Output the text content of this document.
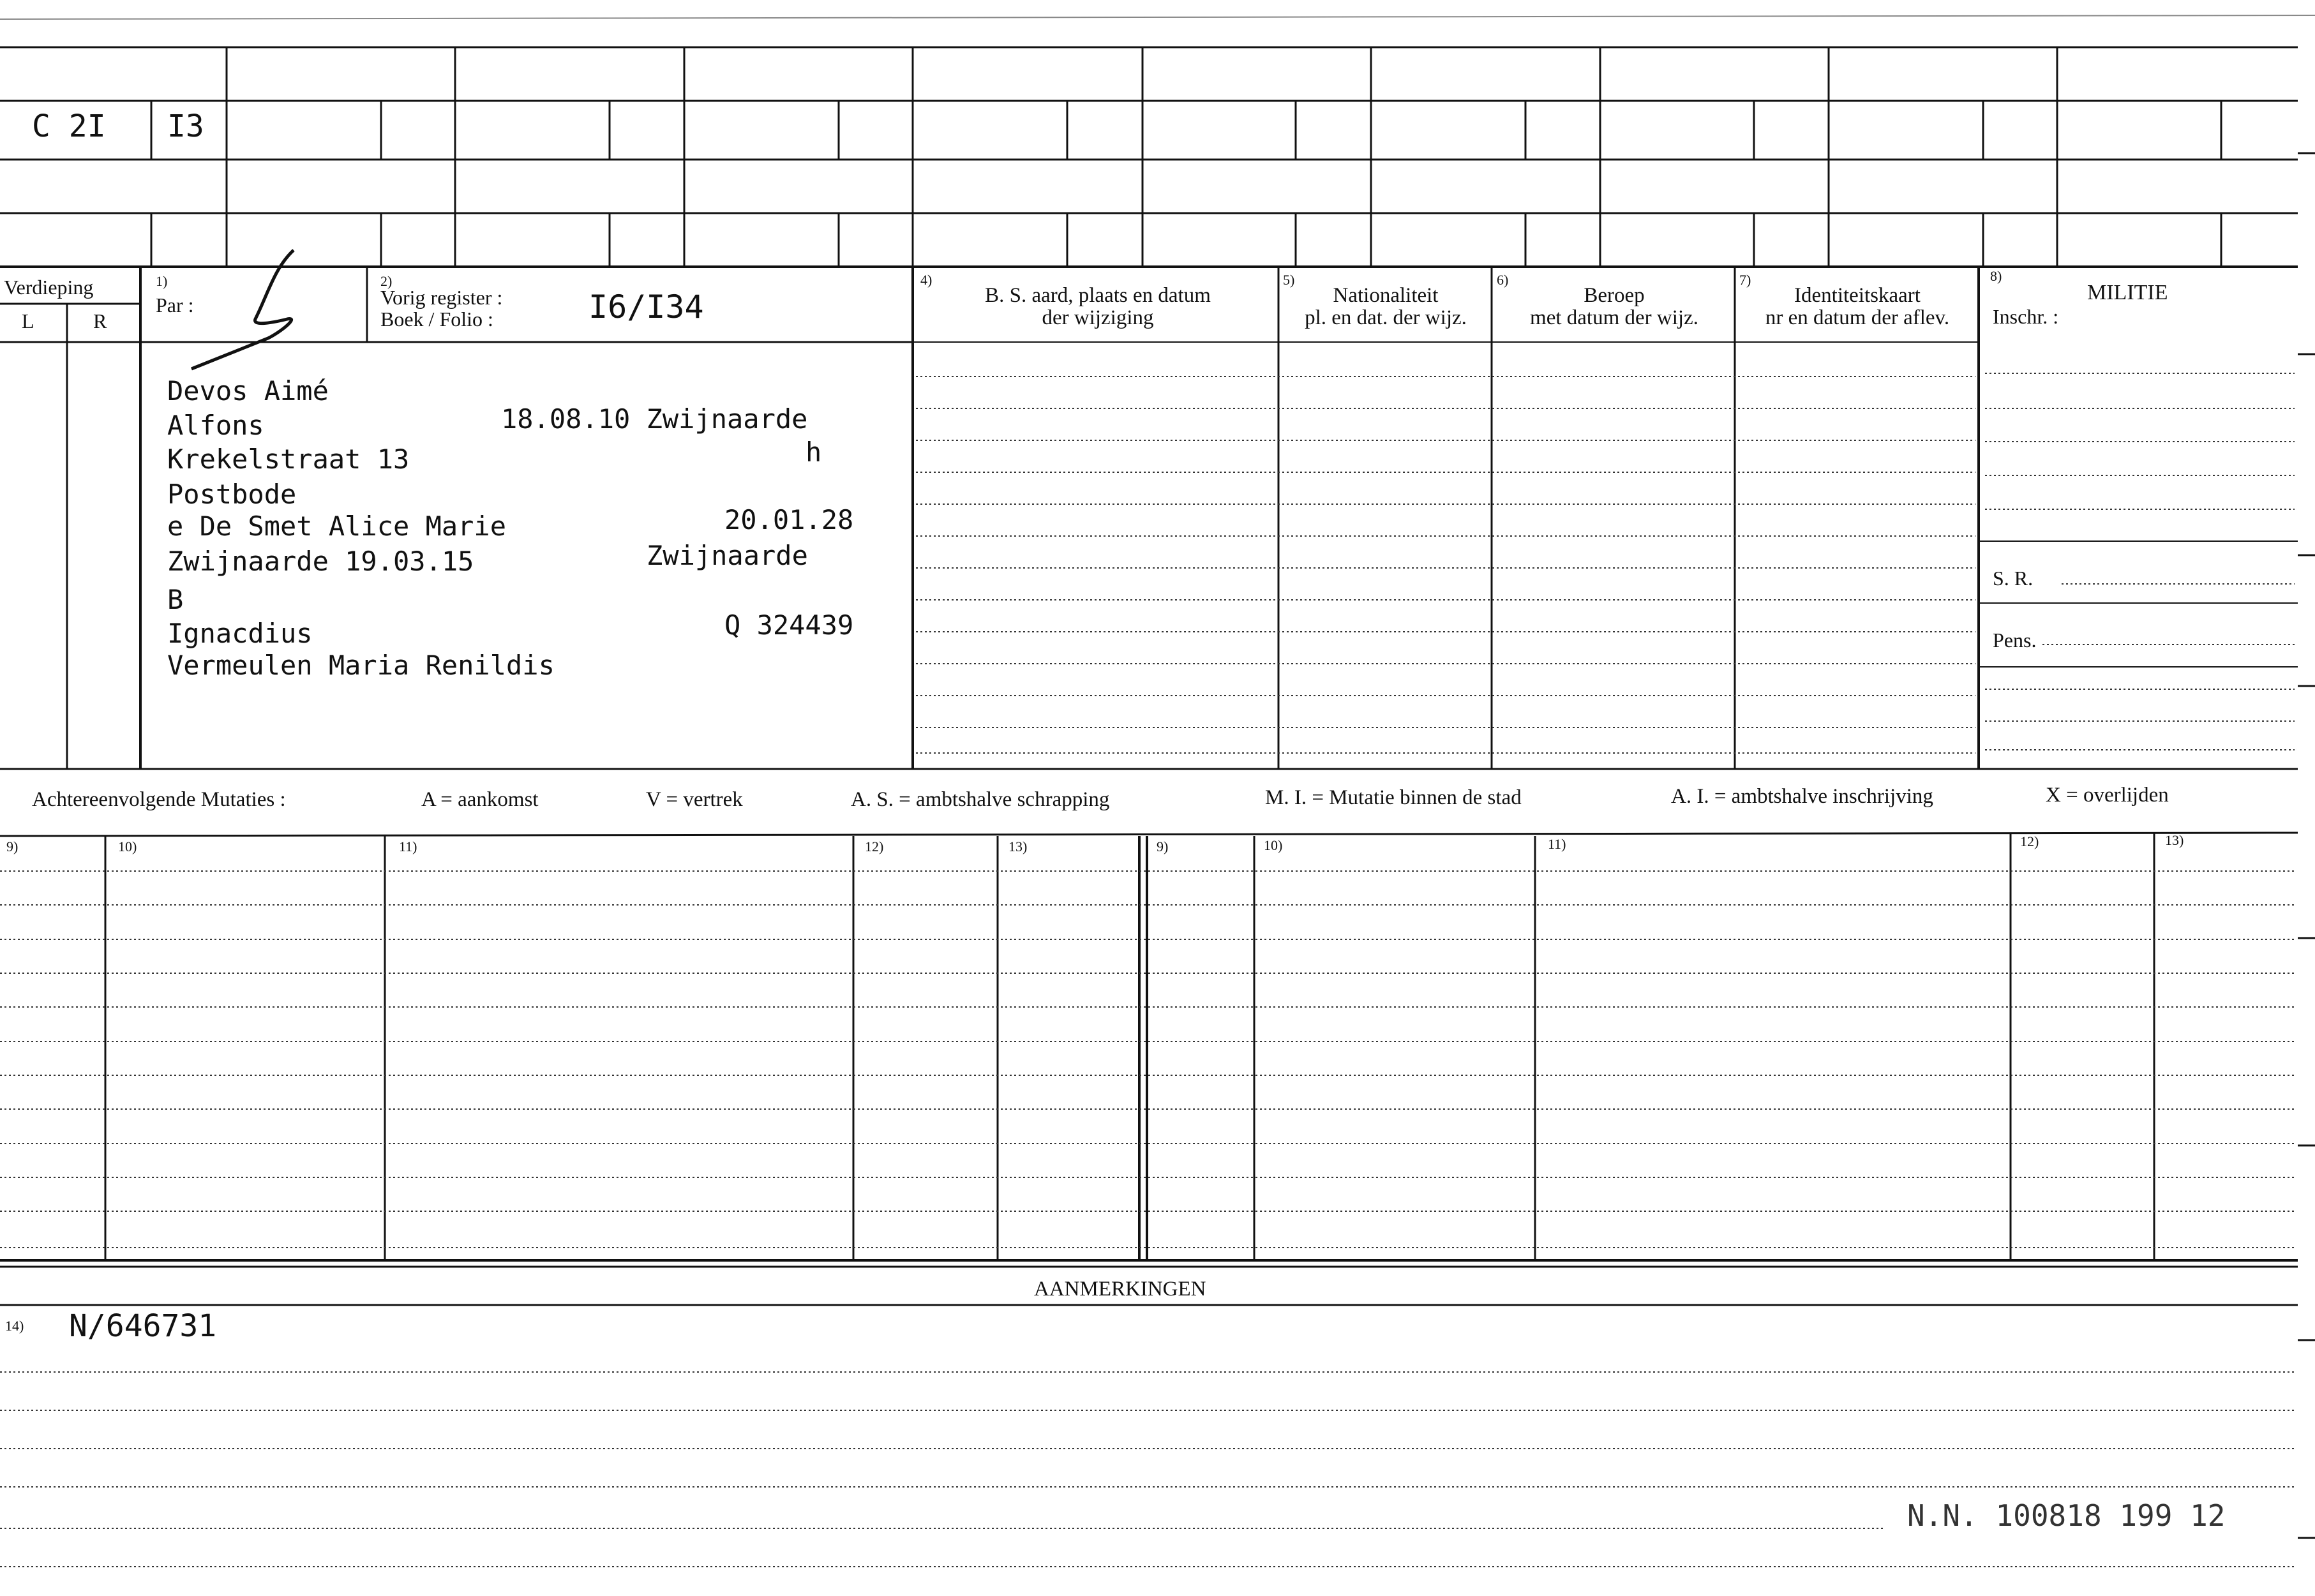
C 2I I3
Verdieping
L	R
1)
Par :
2)
Vorig register :
Boek / Folio :	I6/I34
4)
B. S. aard, plaats en datum
der wijziging
5)
Nationaliteit
pl. en dat. der wijz.
6)
Beroep
met datum der wijz.
7)
Identiteitskaart
nr en datum der aflev.
8)
MILITIE
Inschr. :
S. R.
Pens.
Devos Aimé
Alfons	18.08.10 Zwijnaarde
Krekelstraat 13	h
Postbode
e De Smet Alice Marie	20.01.28
Zwijnaarde 19.03.15	Zwijnaarde
B
Ignacdius	Q 324439
Vermeulen Maria Renildis
Achtereenvolgende Mutaties :	A = aankomst	V = vertrek	A. S. = ambtshalve schrapping	M. I. = Mutatie binnen de stad	A. I. = ambtshalve inschrijving	X = overlijden
9)	10)	11)	12)	13)	9)	10)	11)	12)	13)
AANMERKINGEN
14) N/646731
N.N. 100818 199 12
